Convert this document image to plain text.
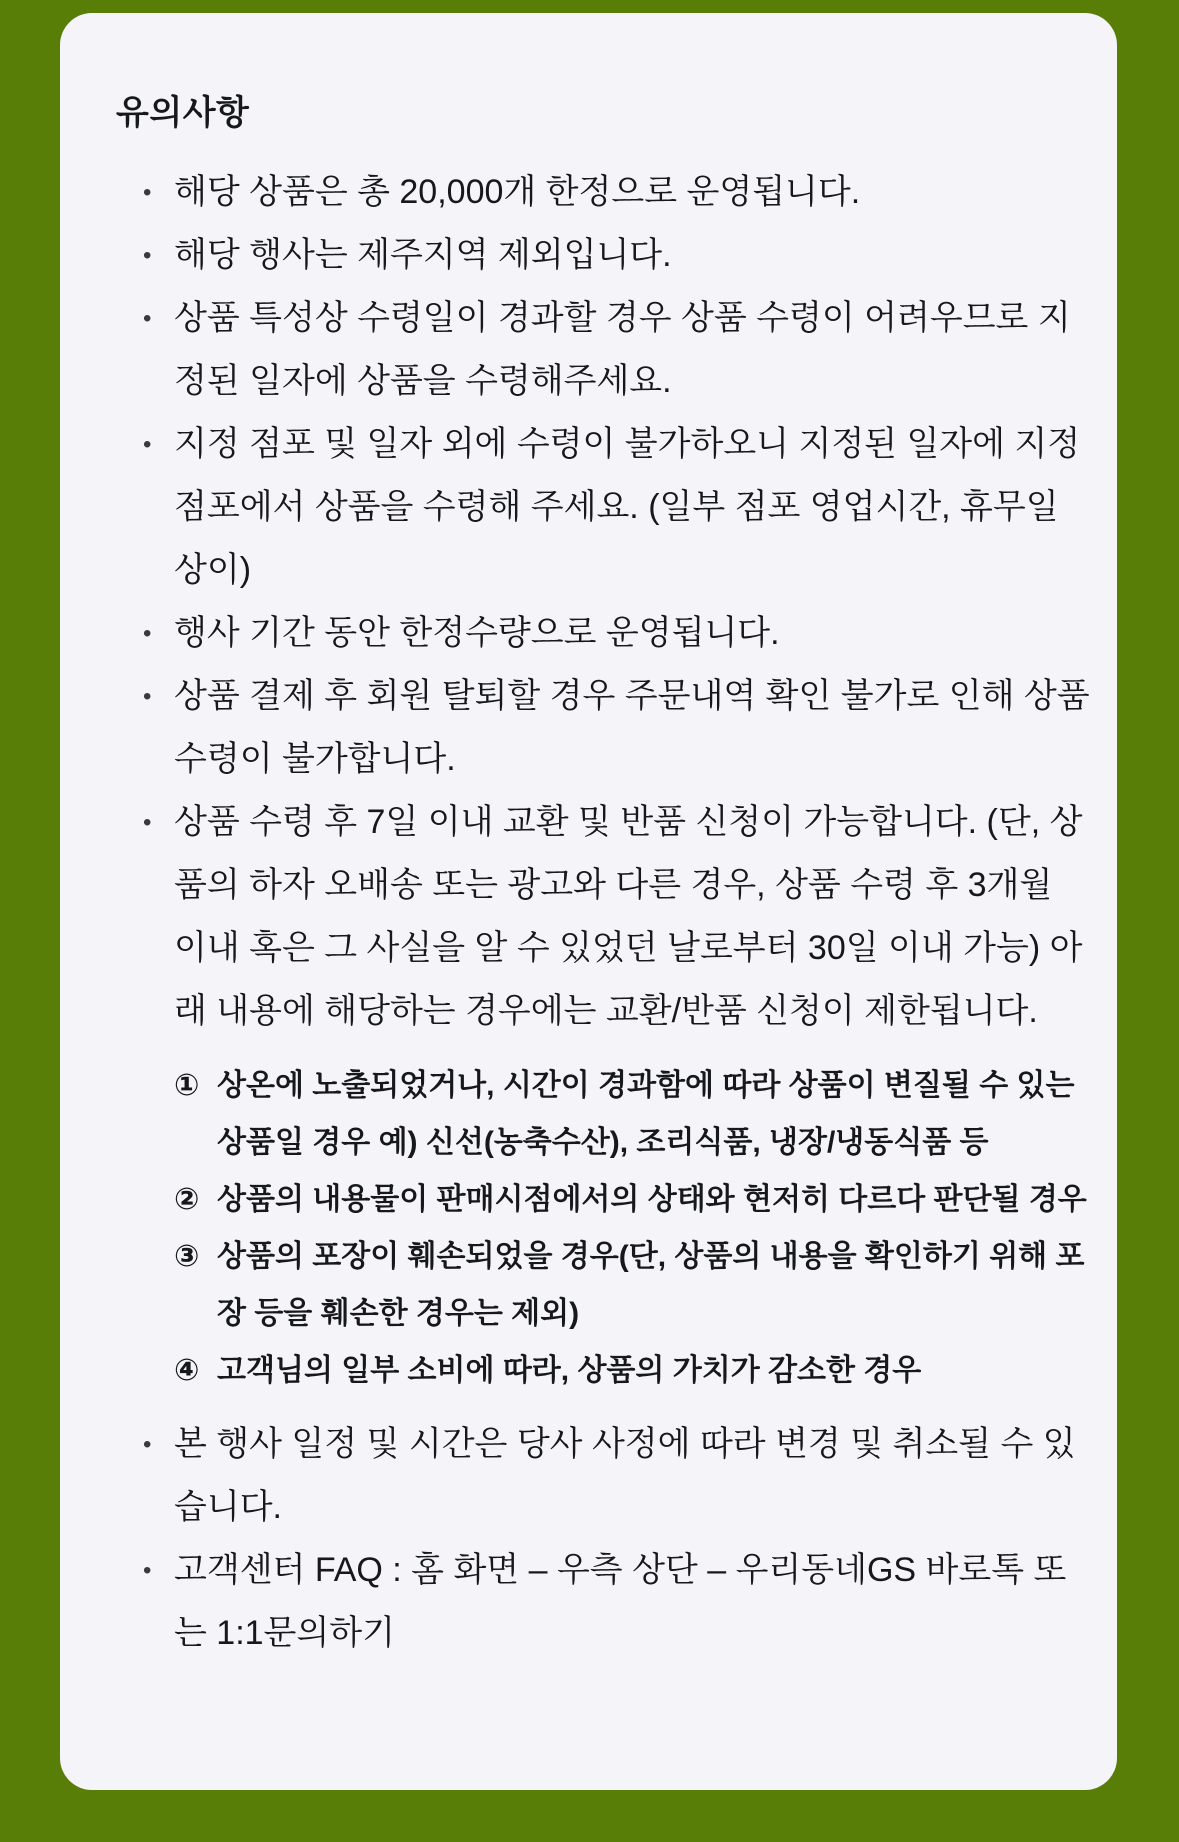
유의사항
• 해당 상품은 총 20,000개 한정으로 운영됩니다.
• 해당 행사는 제주지역 제외입니다.
• 상품 특성상 수령일이 경과할 경우 상품 수령이 어려우므로 지정된 일자에 상품을 수령해주세요.
• 지정 점포 및 일자 외에 수령이 불가하오니 지정된 일자에 지정 점포에서 상품을 수령해 주세요. (일부 점포 영업시간, 휴무일 상이)
• 행사 기간 동안 한정수량으로 운영됩니다.
• 상품 결제 후 회원 탈퇴할 경우 주문내역 확인 불가로 인해 상품 수령이 불가합니다.
• 상품 수령 후 7일 이내 교환 및 반품 신청이 가능합니다. (단, 상품의 하자 오배송 또는 광고와 다른 경우, 상품 수령 후 3개월 이내 혹은 그 사실을 알 수 있었던 날로부터 30일 이내 가능) 아래 내용에 해당하는 경우에는 교환/반품 신청이 제한됩니다.
① 상온에 노출되었거나, 시간이 경과함에 따라 상품이 변질될 수 있는 상품일 경우 예) 신선(농축수산), 조리식품, 냉장/냉동식품 등
② 상품의 내용물이 판매시점에서의 상태와 현저히 다르다 판단될 경우
③ 상품의 포장이 훼손되었을 경우(단, 상품의 내용을 확인하기 위해 포장 등을 훼손한 경우는 제외)
④ 고객님의 일부 소비에 따라, 상품의 가치가 감소한 경우
• 본 행사 일정 및 시간은 당사 사정에 따라 변경 및 취소될 수 있습니다.
• 고객센터 FAQ : 홈 화면 – 우측 상단 – 우리동네GS 바로톡 또는 1:1문의하기
